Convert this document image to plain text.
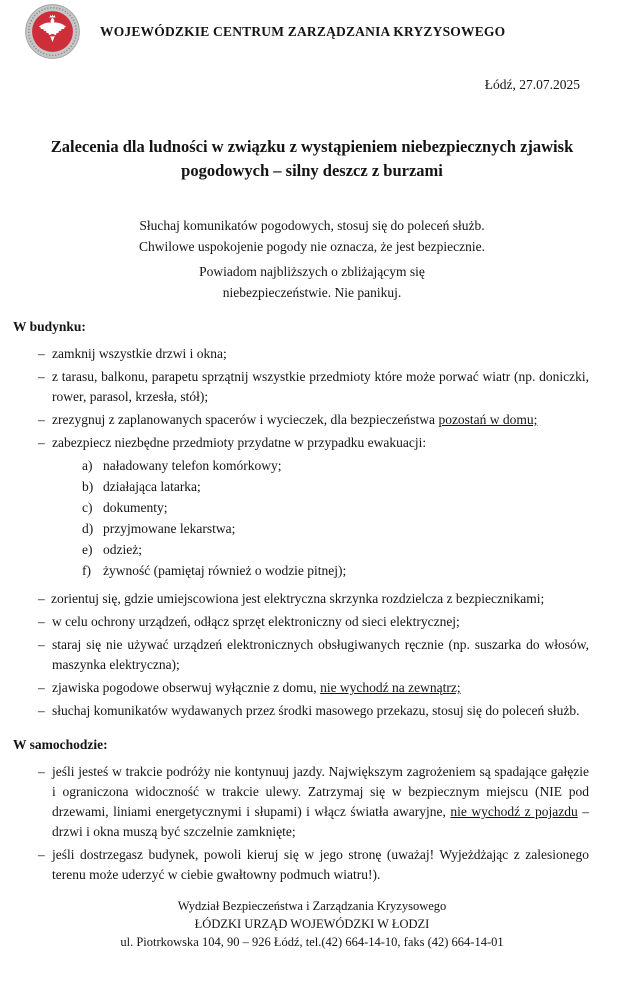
WOJEWÓDZKIE CENTRUM ZARZĄDZANIA KRYZYSOWEGO
Łódź, 27.07.2025
Zalecenia dla ludności w związku z wystąpieniem niebezpiecznych zjawisk
pogodowych – silny deszcz z burzami
Słuchaj komunikatów pogodowych, stosuj się do poleceń służb.
Chwilowe uspokojenie pogody nie oznacza, że jest bezpiecznie.
Powiadom najbliższych o zbliżającym się
niebezpieczeństwie. Nie panikuj.
W budynku:
– zamknij wszystkie drzwi i okna;
– z tarasu, balkonu, parapetu sprzątnij wszystkie przedmioty które może porwać wiatr (np. doniczki, rower, parasol, krzesła, stół);
– zrezygnuj z zaplanowanych spacerów i wycieczek, dla bezpieczeństwa pozostań w domu;
– zabezpiecz niezbędne przedmioty przydatne w przypadku ewakuacji:
a) naładowany telefon komórkowy;
b) działająca latarka;
c) dokumenty;
d) przyjmowane lekarstwa;
e) odzież;
f) żywność (pamiętaj również o wodzie pitnej);
– zorientuj się, gdzie umiejscowiona jest elektryczna skrzynka rozdzielcza z bezpiecznikami;
– w celu ochrony urządzeń, odłącz sprzęt elektroniczny od sieci elektrycznej;
– staraj się nie używać urządzeń elektronicznych obsługiwanych ręcznie (np. suszarka do włosów, maszynka elektryczna);
– zjawiska pogodowe obserwuj wyłącznie z domu, nie wychodź na zewnątrz;
– słuchaj komunikatów wydawanych przez środki masowego przekazu, stosuj się do poleceń służb.
W samochodzie:
– jeśli jesteś w trakcie podróży nie kontynuuj jazdy. Największym zagrożeniem są spadające gałęzie i ograniczona widoczność w trakcie ulewy. Zatrzymaj się w bezpiecznym miejscu (NIE pod drzewami, liniami energetycznymi i słupami) i włącz światła awaryjne, nie wychodź z pojazdu – drzwi i okna muszą być szczelnie zamknięte;
– jeśli dostrzegasz budynek, powoli kieruj się w jego stronę (uważaj! Wyjeżdżając z zalesionego terenu może uderzyć w ciebie gwałtowny podmuch wiatru!).
Wydział Bezpieczeństwa i Zarządzania Kryzysowego
ŁÓDZKI URZĄD WOJEWÓDZKI W ŁODZI
ul. Piotrkowska 104, 90 – 926 Łódź, tel.(42) 664-14-10, faks (42) 664-14-01
